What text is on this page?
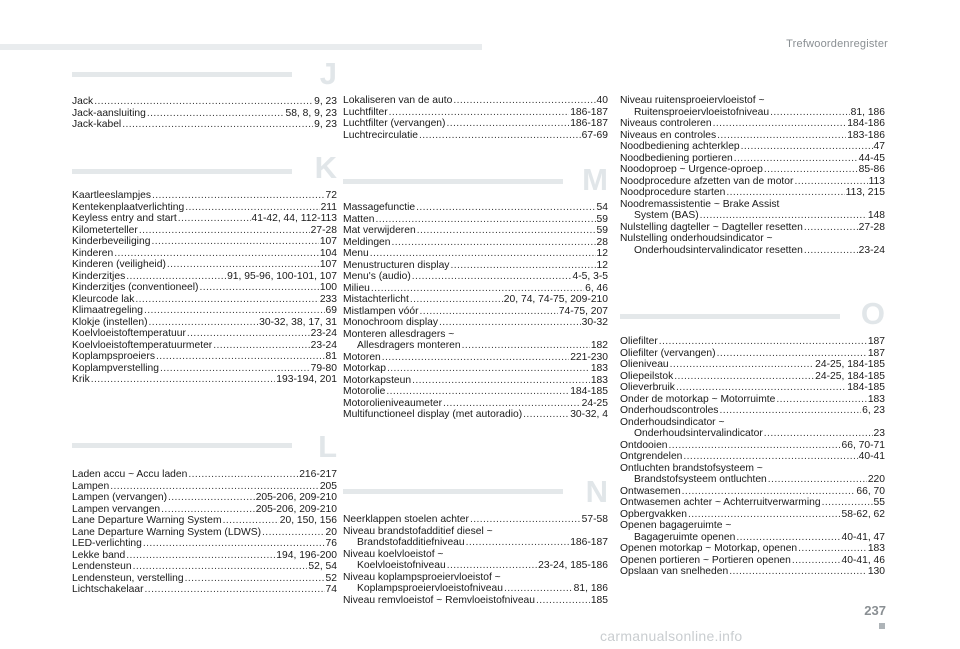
Trefwoordenregister
J
Jack .....	9, 23
Jack-aansluiting .....	58, 8, 9, 23
Jack-kabel .....	9, 23
K
Kaartleeslampjes .....	72
Kentekenplaatverlichting .....	211
Keyless entry and start .....	41-42, 44, 112-113
Kilometerteller .....	27-28
Kinderbeveiliging .....	107
Kinderen .....	104
Kinderen (veiligheid) .....	107
Kinderzitjes .....	91, 95-96, 100-101, 107
Kinderzitjes (conventioneel) .....	100
Kleurcode lak .....	233
Klimaatregeling .....	69
Klokje (instellen) .....	30-32, 38, 17, 31
Koelvloeistoftemperatuur .....	23-24
Koelvloeistoftemperatuurmeter .....	23-24
Koplampsproeiers .....	81
Koplampverstelling .....	79-80
Krik .....	193-194, 201
L
Laden accu ~ Accu laden .....	216-217
Lampen .....	205
Lampen (vervangen) .....	205-206, 209-210
Lampen vervangen .....	205-206, 209-210
Lane Departure Warning System .....	20, 150, 156
Lane Departure Warning System (LDWS) .....	20
LED-verlichting .....	76
Lekke band .....	194, 196-200
Lendensteun .....	52, 54
Lendensteun, verstelling .....	52
Lichtschakelaar .....	74
Lokaliseren van de auto .....	40
Luchtfilter .....	186-187
Luchtfilter (vervangen) .....	186-187
Luchtrecirculatie .....	67-69
M
Massagefunctie .....	54
Matten .....	59
Mat verwijderen .....	59
Meldingen .....	28
Menu .....	12
Menustructuren display .....	12
Menu's (audio) .....	4-5, 3-5
Milieu .....	6, 46
Mistachterlicht .....	20, 74, 74-75, 209-210
Mistlampen vóór .....	74-75, 207
Monochroom display .....	30-32
Monteren allesdragers ~
Allesdragers monteren .....	182
Motoren .....	221-230
Motorkap .....	183
Motorkapsteun .....	183
Motorolie .....	184-185
Motorolieniveaumeter .....	24-25
Multifunctioneel display (met autoradio) .....	30-32, 4
N
Neerklappen stoelen achter .....	57-58
Niveau brandstofadditief diesel ~
Brandstofadditiefniveau .....	186-187
Niveau koelvloeistof ~
Koelvloeistofniveau .....	23-24, 185-186
Niveau koplampsproeiervloeistof ~
Koplampsproeiervloeistofniveau .....	81, 186
Niveau remvloeistof ~ Remvloeistofniveau .....	185
Niveau ruitensproeiervloeistof ~
Ruitensproeiervloeistofniveau .....	81, 186
Niveaus controleren .....	184-186
Niveaus en controles .....	183-186
Noodbediening achterklep .....	47
Noodbediening portieren .....	44-45
Noodoproep ~ Urgence-oproep .....	85-86
Noodprocedure afzetten van de motor .....	113
Noodprocedure starten .....	113, 215
Noodremassistentie ~ Brake Assist
System (BAS) .....	148
Nulstelling dagteller ~ Dagteller resetten .....	27-28
Nulstelling onderhoudsindicator ~
Onderhoudsintervalindicator resetten .....	23-24
O
Oliefilter .....	187
Oliefilter (vervangen) .....	187
Olieniveau .....	24-25, 184-185
Oliepeilstok .....	24-25, 184-185
Olieverbruik .....	184-185
Onder de motorkap ~ Motorruimte .....	183
Onderhoudscontroles .....	6, 23
Onderhoudsindicator ~
Onderhoudsintervalindicator .....	23
Ontdooien .....	66, 70-71
Ontgrendelen .....	40-41
Ontluchten brandstofsysteem ~
Brandstofsysteem ontluchten .....	220
Ontwasemen .....	66, 70
Ontwasemen achter ~ Achterruitverwarming .....	55
Opbergvakken .....	58-62, 62
Openen bagageruimte ~
Bagageruimte openen .....	40-41, 47
Openen motorkap ~ Motorkap, openen .....	183
Openen portieren ~ Portieren openen .....	40-41, 46
Opslaan van snelheden .....	130
237
carmanualsonline.info
